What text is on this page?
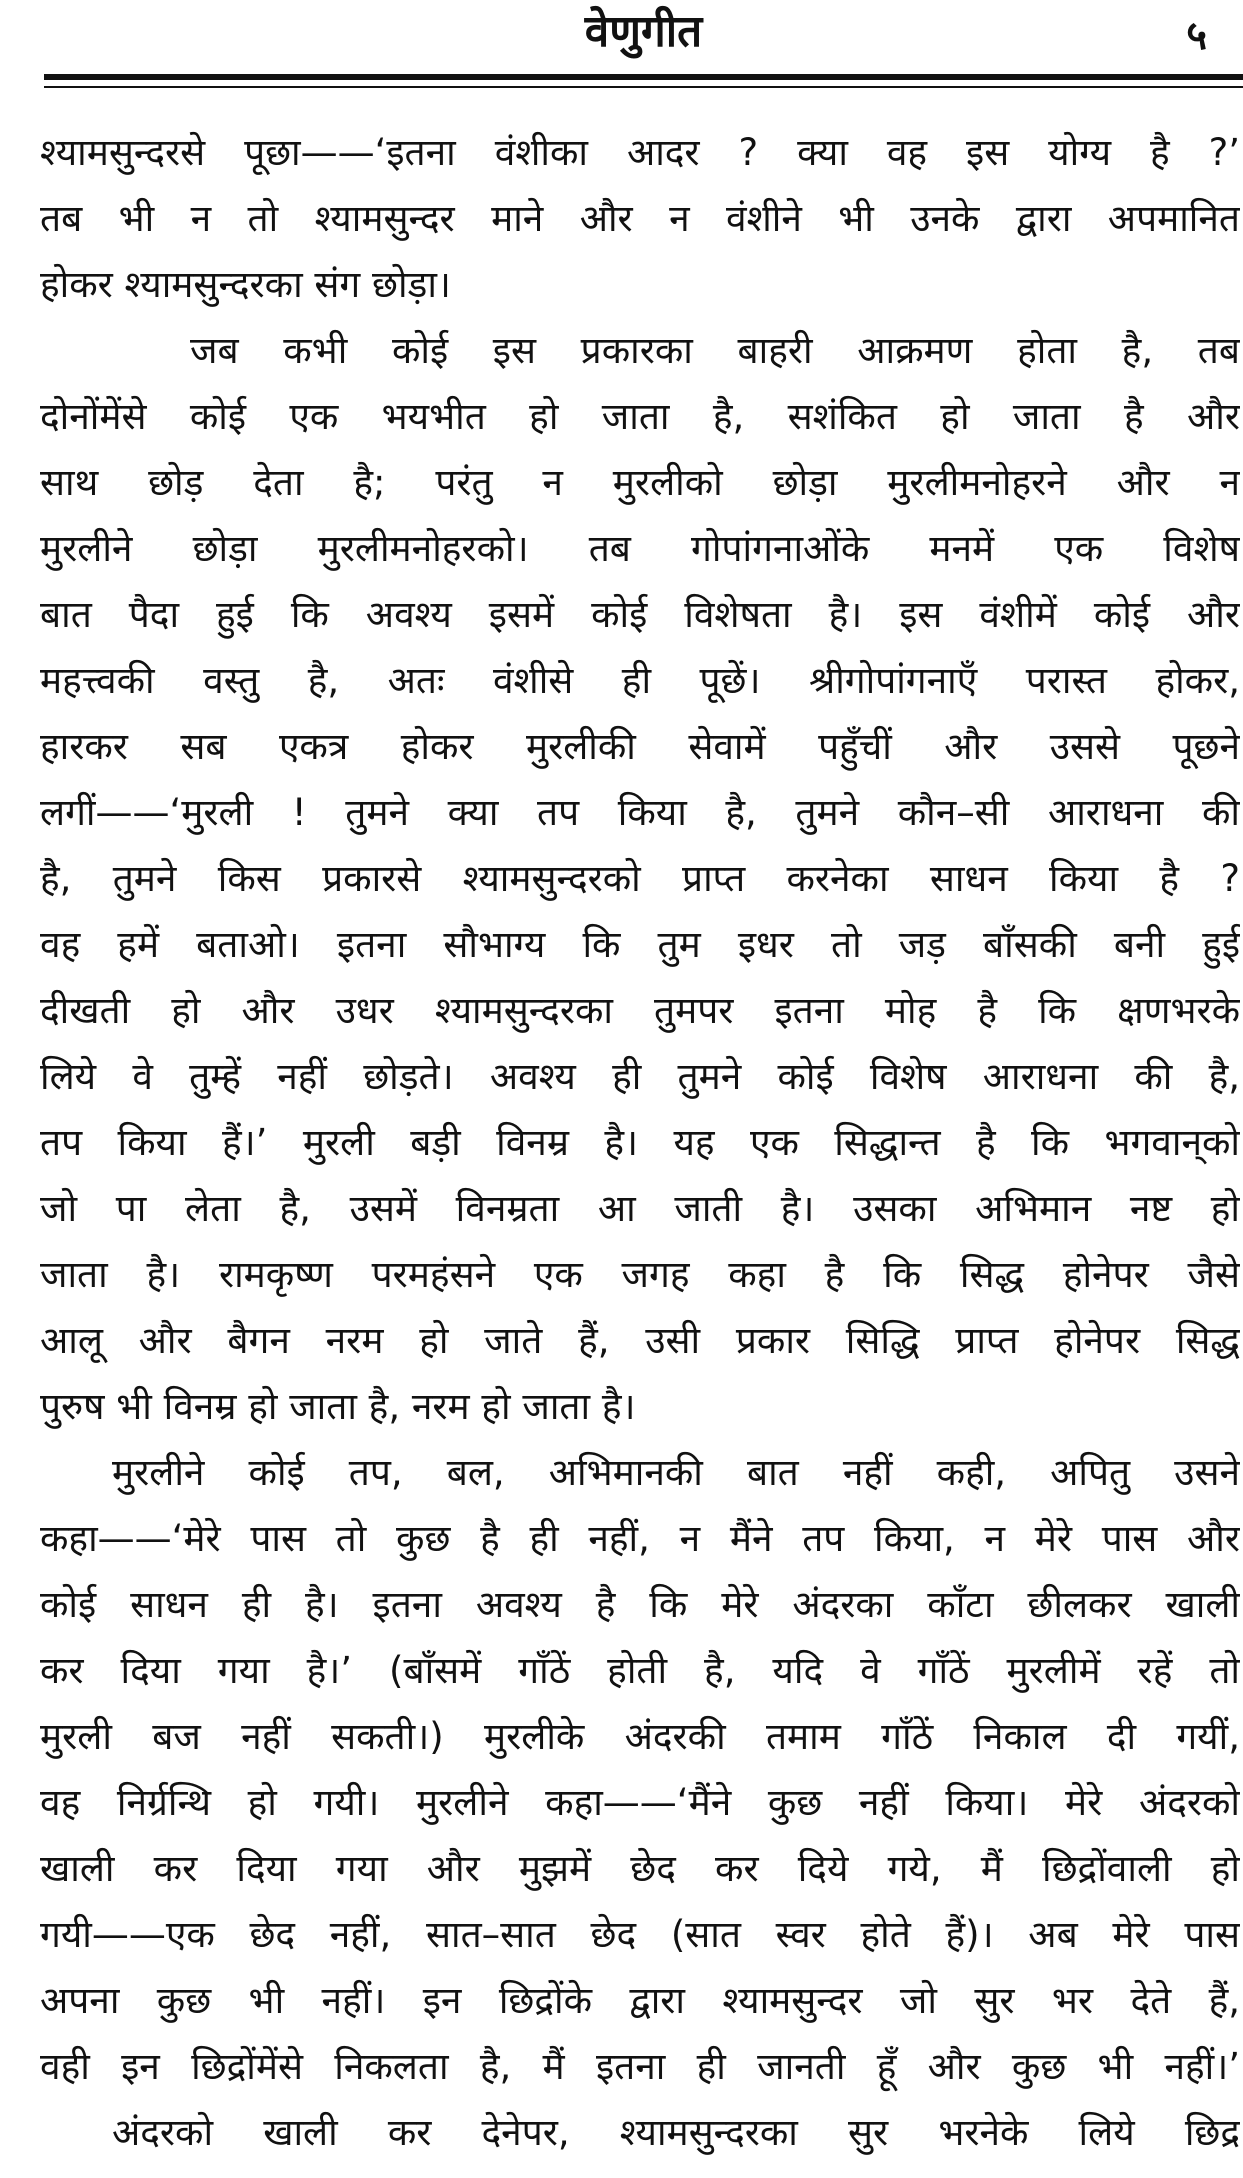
वेणुगीत	५
श्यामसुन्दरसे पूछा——‘इतना वंशीका आदर ? क्या वह इस योग्य है ?’
तब भी न तो श्यामसुन्दर माने और न वंशीने भी उनके द्वारा अपमानित
होकर श्यामसुन्दरका संग छोड़ा।
जब कभी कोई इस प्रकारका बाहरी आक्रमण होता है, तब
दोनोंमेंसे कोई एक भयभीत हो जाता है, सशंकित हो जाता है और
साथ छोड़ देता है; परंतु न मुरलीको छोड़ा मुरलीमनोहरने और न
मुरलीने छोड़ा मुरलीमनोहरको। तब गोपांगनाओंके मनमें एक विशेष
बात पैदा हुई कि अवश्य इसमें कोई विशेषता है। इस वंशीमें कोई और
महत्त्वकी वस्तु है, अतः वंशीसे ही पूछें। श्रीगोपांगनाएँ परास्त होकर,
हारकर सब एकत्र होकर मुरलीकी सेवामें पहुँचीं और उससे पूछने
लगीं——‘मुरली ! तुमने क्या तप किया है, तुमने कौन–सी आराधना की
है, तुमने किस प्रकारसे श्यामसुन्दरको प्राप्त करनेका साधन किया है ?
वह हमें बताओ। इतना सौभाग्य कि तुम इधर तो जड़ बाँसकी बनी हुई
दीखती हो और उधर श्यामसुन्दरका तुमपर इतना मोह है कि क्षणभरके
लिये वे तुम्हें नहीं छोड़ते। अवश्य ही तुमने कोई विशेष आराधना की है,
तप किया हैं।’ मुरली बड़ी विनम्र है। यह एक सिद्धान्त है कि भगवान्‌को
जो पा लेता है, उसमें विनम्रता आ जाती है। उसका अभिमान नष्ट हो
जाता है। रामकृष्ण परमहंसने एक जगह कहा है कि सिद्ध होनेपर जैसे
आलू और बैगन नरम हो जाते हैं, उसी प्रकार सिद्धि प्राप्त होनेपर सिद्ध
पुरुष भी विनम्र हो जाता है, नरम हो जाता है।
मुरलीने कोई तप, बल, अभिमानकी बात नहीं कही, अपितु उसने
कहा——‘मेरे पास तो कुछ है ही नहीं, न मैंने तप किया, न मेरे पास और
कोई साधन ही है। इतना अवश्य है कि मेरे अंदरका काँटा छीलकर खाली
कर दिया गया है।’ (बाँसमें गाँठें होती है, यदि वे गाँठें मुरलीमें रहें तो
मुरली बज नहीं सकती।) मुरलीके अंदरकी तमाम गाँठें निकाल दी गयीं,
वह निर्ग्रन्थि हो गयी। मुरलीने कहा——‘मैंने कुछ नहीं किया। मेरे अंदरको
खाली कर दिया गया और मुझमें छेद कर दिये गये, मैं छिद्रोंवाली हो
गयी——एक छेद नहीं, सात–सात छेद (सात स्वर होते हैं)। अब मेरे पास
अपना कुछ भी नहीं। इन छिद्रोंके द्वारा श्यामसुन्दर जो सुर भर देते हैं,
वही इन छिद्रोंमेंसे निकलता है, मैं इतना ही जानती हूँ और कुछ भी नहीं।’
अंदरको खाली कर देनेपर, श्यामसुन्दरका सुर भरनेके लिये छिद्र
